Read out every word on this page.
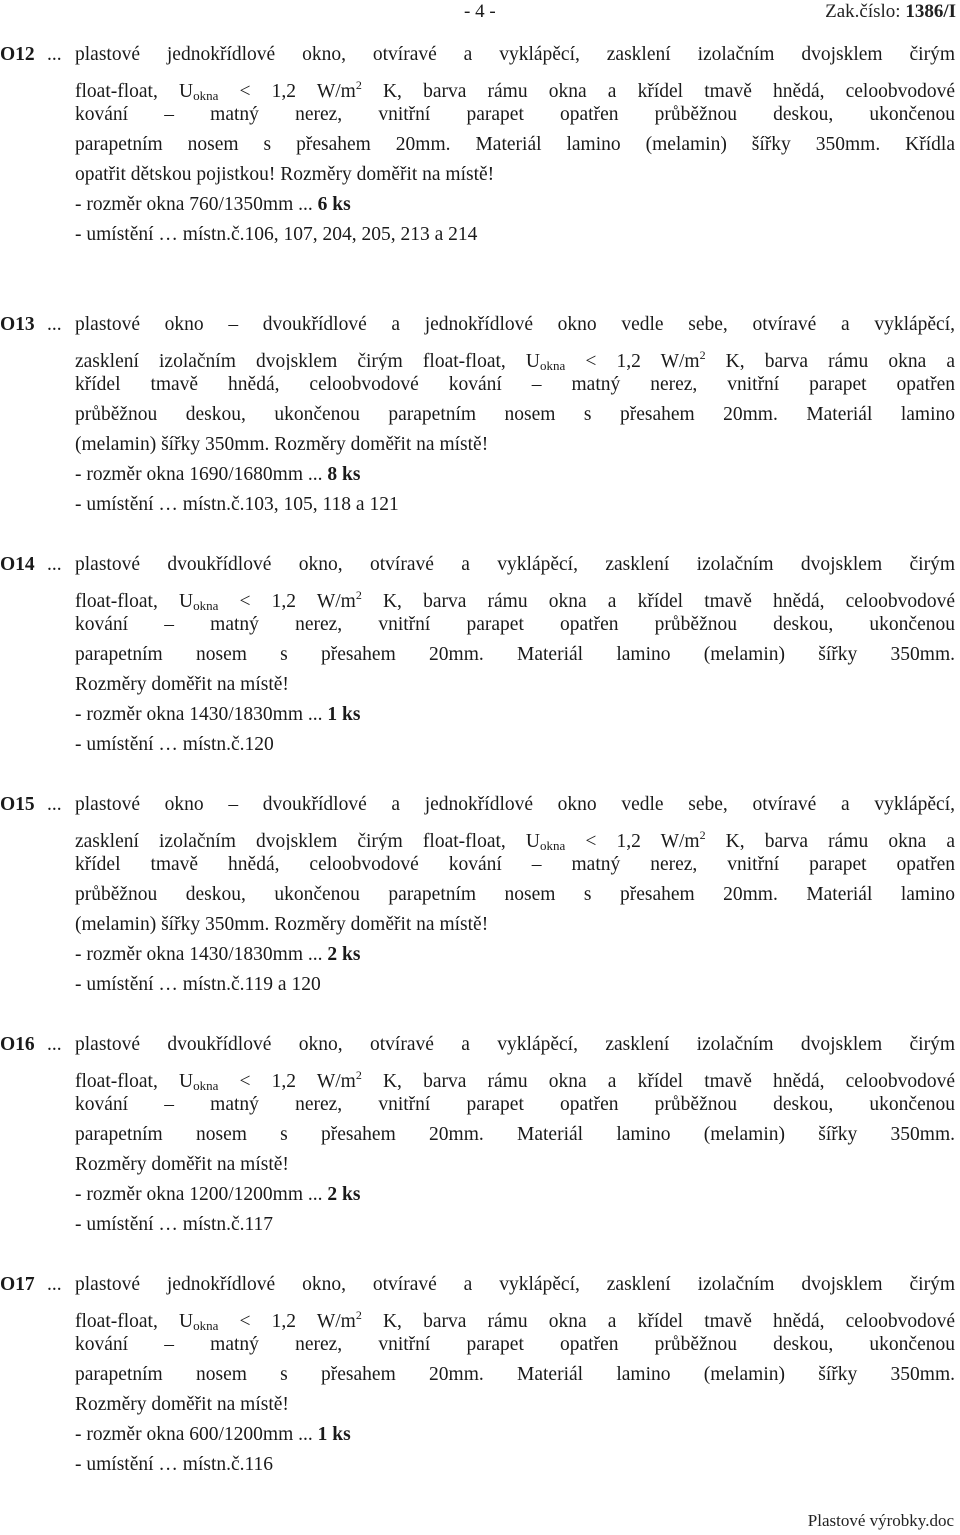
- 4 -	Zak.číslo: 1386/I
O12 ... plastové jednokřídlové okno, otvíravé a vyklápěcí, zasklení izolačním dvojsklem čirým
float-float, $U_{okna} < 1,2$ $W/m^2$ K, barva rámu okna a křídel tmavě hnědá, celoobvodové
kování – matný nerez, vnitřní parapet opatřen průběžnou deskou, ukončenou
parapetním nosem s přesahem 20mm. Materiál lamino (melamin) šířky 350mm. Křídla
opatřit dětskou pojistkou! Rozměry doměřit na místě!
- rozměr okna 760/1350mm ... 6 ks
- umístění … místn.č.106, 107, 204, 205, 213 a 214
O13 ... plastové okno – dvoukřídlové a jednokřídlové okno vedle sebe, otvíravé a vyklápěcí,
zasklení izolačním dvojsklem čirým float-float, $U_{okna} < 1,2$ $W/m^2$ K, barva rámu okna a
křídel tmavě hnědá, celoobvodové kování – matný nerez, vnitřní parapet opatřen
průběžnou deskou, ukončenou parapetním nosem s přesahem 20mm. Materiál lamino
(melamin) šířky 350mm. Rozměry doměřit na místě!
- rozměr okna 1690/1680mm ... 8 ks
- umístění … místn.č.103, 105, 118 a 121
O14 ... plastové dvoukřídlové okno, otvíravé a vyklápěcí, zasklení izolačním dvojsklem čirým
float-float, $U_{okna} < 1,2$ $W/m^2$ K, barva rámu okna a křídel tmavě hnědá, celoobvodové
kování – matný nerez, vnitřní parapet opatřen průběžnou deskou, ukončenou
parapetním nosem s přesahem 20mm. Materiál lamino (melamin) šířky 350mm.
Rozměry doměřit na místě!
- rozměr okna 1430/1830mm ... 1 ks
- umístění … místn.č.120
O15 ... plastové okno – dvoukřídlové a jednokřídlové okno vedle sebe, otvíravé a vyklápěcí,
zasklení izolačním dvojsklem čirým float-float, $U_{okna} < 1,2$ $W/m^2$ K, barva rámu okna a
křídel tmavě hnědá, celoobvodové kování – matný nerez, vnitřní parapet opatřen
průběžnou deskou, ukončenou parapetním nosem s přesahem 20mm. Materiál lamino
(melamin) šířky 350mm. Rozměry doměřit na místě!
- rozměr okna 1430/1830mm ... 2 ks
- umístění … místn.č.119 a 120
O16 ... plastové dvoukřídlové okno, otvíravé a vyklápěcí, zasklení izolačním dvojsklem čirým
float-float, $U_{okna} < 1,2$ $W/m^2$ K, barva rámu okna a křídel tmavě hnědá, celoobvodové
kování – matný nerez, vnitřní parapet opatřen průběžnou deskou, ukončenou
parapetním nosem s přesahem 20mm. Materiál lamino (melamin) šířky 350mm.
Rozměry doměřit na místě!
- rozměr okna 1200/1200mm ... 2 ks
- umístění … místn.č.117
O17 ... plastové jednokřídlové okno, otvíravé a vyklápěcí, zasklení izolačním dvojsklem čirým
float-float, $U_{okna} < 1,2$ $W/m^2$ K, barva rámu okna a křídel tmavě hnědá, celoobvodové
kování – matný nerez, vnitřní parapet opatřen průběžnou deskou, ukončenou
parapetním nosem s přesahem 20mm. Materiál lamino (melamin) šířky 350mm.
Rozměry doměřit na místě!
- rozměr okna 600/1200mm ... 1 ks
- umístění … místn.č.116
Plastové výrobky.doc
